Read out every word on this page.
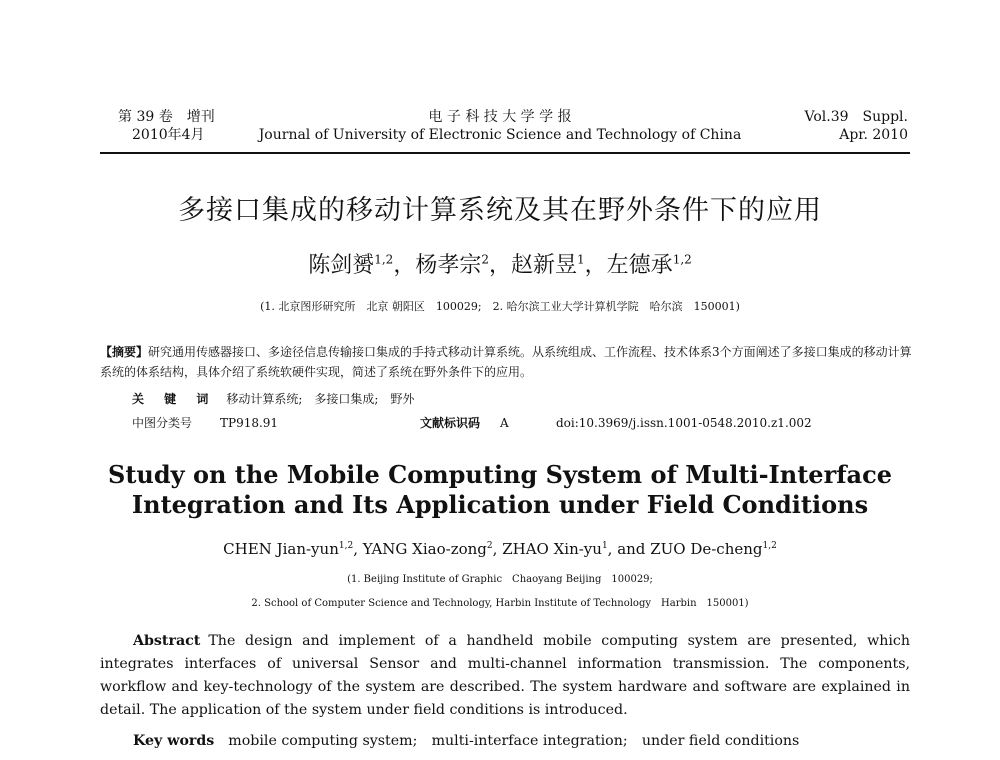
第 39 卷　增刊
2010年4月
电 子 科 技 大 学 学 报
Journal of University of Electronic Science and Technology of China
Vol.39　Suppl.
Apr. 2010
多接口集成的移动计算系统及其在野外条件下的应用
陈剑赟$^{1,2}$，杨孝宗$^2$，赵新昱$^1$，左德承$^{1,2}$
(1. 北京图形研究所　北京 朝阳区　100029;　2. 哈尔滨工业大学计算机学院　哈尔滨　150001)
【摘要】研究通用传感器接口、多途径信息传输接口集成的手持式移动计算系统。从系统组成、工作流程、技术体系3个方面阐述了多接口集成的移动计算系统的体系结构，具体介绍了系统软硬件实现，简述了系统在野外条件下的应用。
关 键 词 移动计算系统;　多接口集成;　野外
中图分类号 TP918.91	文献标识码 A	doi:10.3969/j.issn.1001-0548.2010.z1.002
Study on the Mobile Computing System of Multi-Interface
Integration and Its Application under Field Conditions
CHEN Jian-yun$^{1,2}$, YANG Xiao-zong$^2$, ZHAO Xin-$yu^1$, and ZUO De-cheng$^{1,2}$
(1. Beijing Institute of Graphic　Chaoyang Beijing　100029;
2. School of Computer Science and Technology, Harbin Institute of Technology　Harbin　150001)
Abstract The design and implement of a handheld mobile computing system are presented, which integrates interfaces of universal Sensor and multi-channel information transmission. The components, workflow and key-technology of the system are described. The system hardware and software are explained in detail. The application of the system under field conditions is introduced.
Key words mobile computing system;　multi-interface integration;　under field conditions
